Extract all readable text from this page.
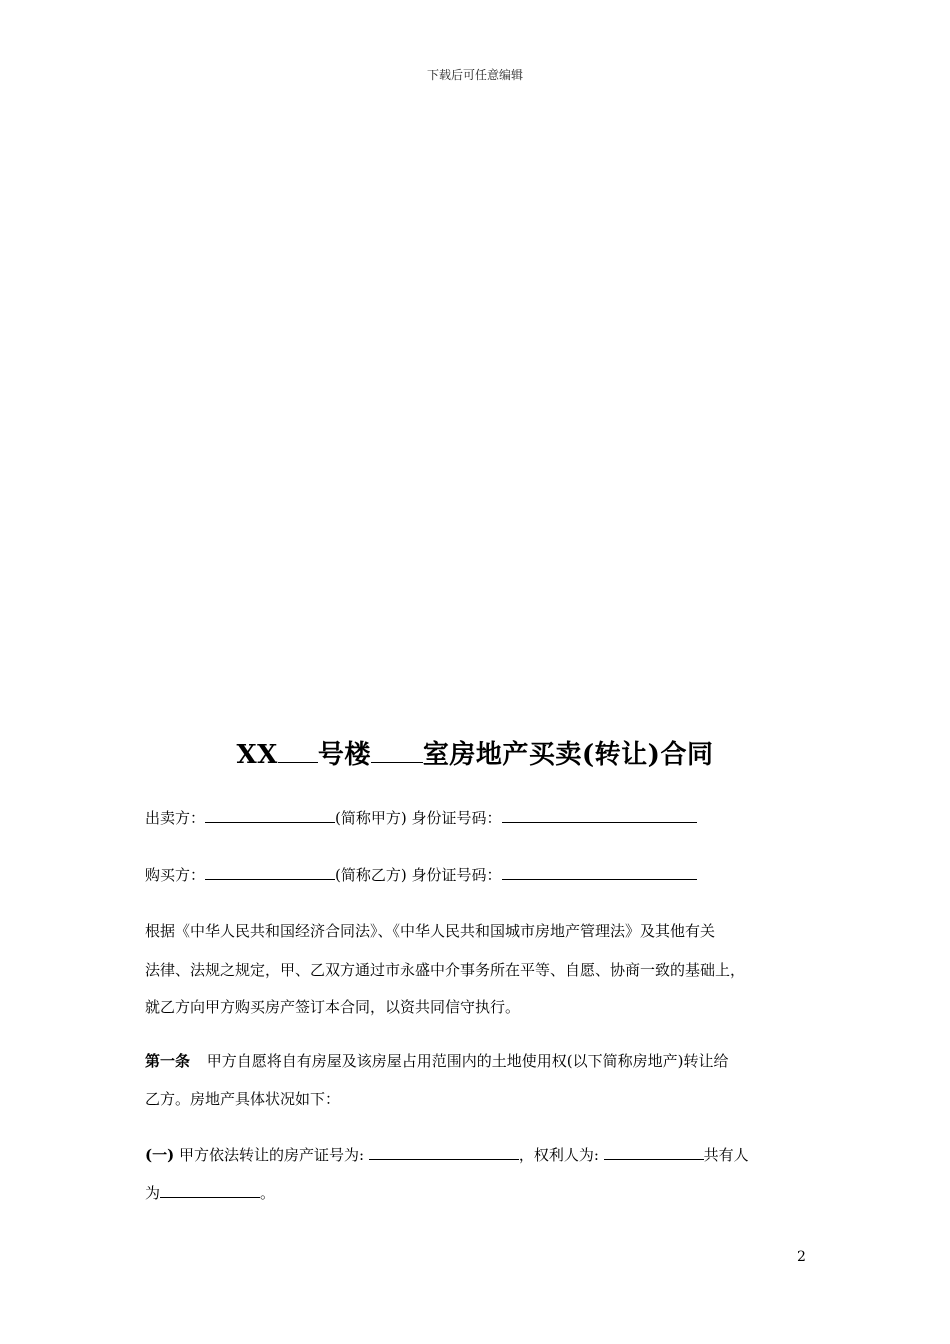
下载后可任意编辑
XX 号楼 室房地产买卖(转让)合同
出卖方：	(简称甲方) 身份证号码：
购买方：	(简称乙方) 身份证号码：
根据《中华人民共和国经济合同法》、《中华人民共和国城市房地产管理法》及其他有关
法律、法规之规定，甲、乙双方通过市永盛中介事务所在平等、自愿、协商一致的基础上，
就乙方向甲方购买房产签订本合同，以资共同信守执行。
第一条 甲方自愿将自有房屋及该房屋占用范围内的土地使用权(以下简称房地产)转让给
乙方。房地产具体状况如下：
(一) 甲方依法转让的房产证号为:	，权利人为:	共有人
为	。
2
